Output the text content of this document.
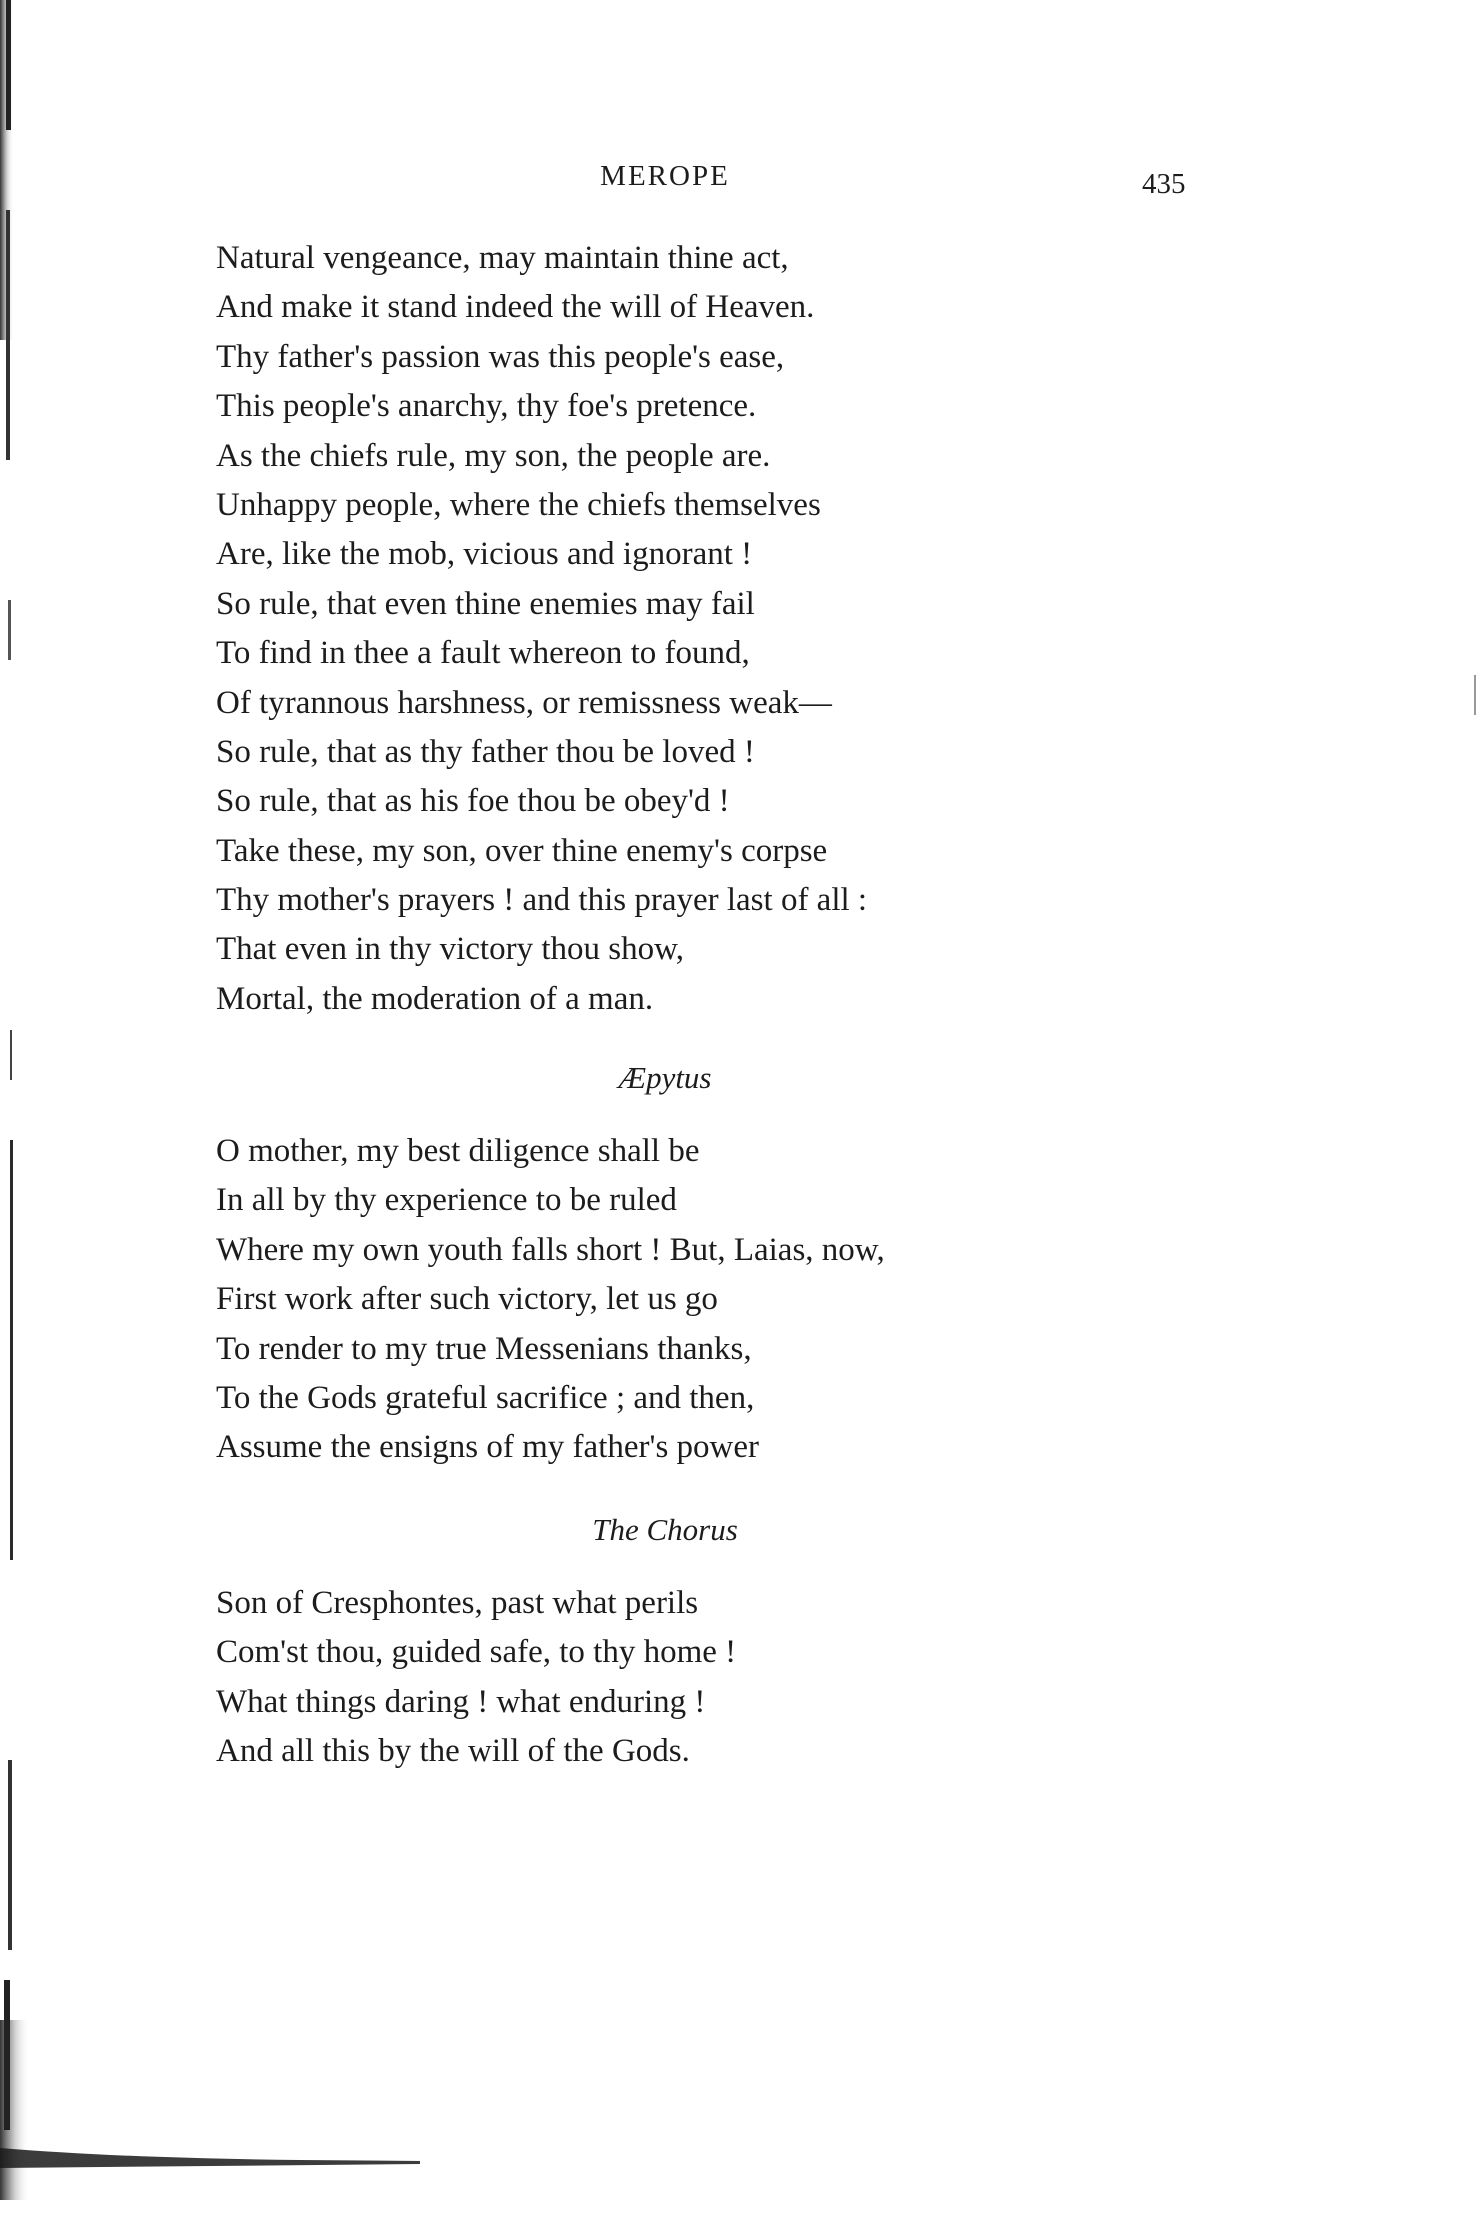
MEROPE	435

Natural vengeance, may maintain thine act,
And make it stand indeed the will of Heaven.
Thy father's passion was this people's ease,
This people's anarchy, thy foe's pretence.
As the chiefs rule, my son, the people are.
Unhappy people, where the chiefs themselves
Are, like the mob, vicious and ignorant !
So rule, that even thine enemies may fail
To find in thee a fault whereon to found,
Of tyrannous harshness, or remissness weak—
So rule, that as thy father thou be loved !
So rule, that as his foe thou be obey'd !
Take these, my son, over thine enemy's corpse
Thy mother's prayers ! and this prayer last of all :
That even in thy victory thou show,
Mortal, the moderation of a man.

Æpytus

O mother, my best diligence shall be
In all by thy experience to be ruled
Where my own youth falls short ! But, Laias, now,
First work after such victory, let us go
To render to my true Messenians thanks,
To the Gods grateful sacrifice ; and then,
Assume the ensigns of my father's power

The Chorus

Son of Cresphontes, past what perils
Com'st thou, guided safe, to thy home !
What things daring ! what enduring !
And all this by the will of the Gods.
